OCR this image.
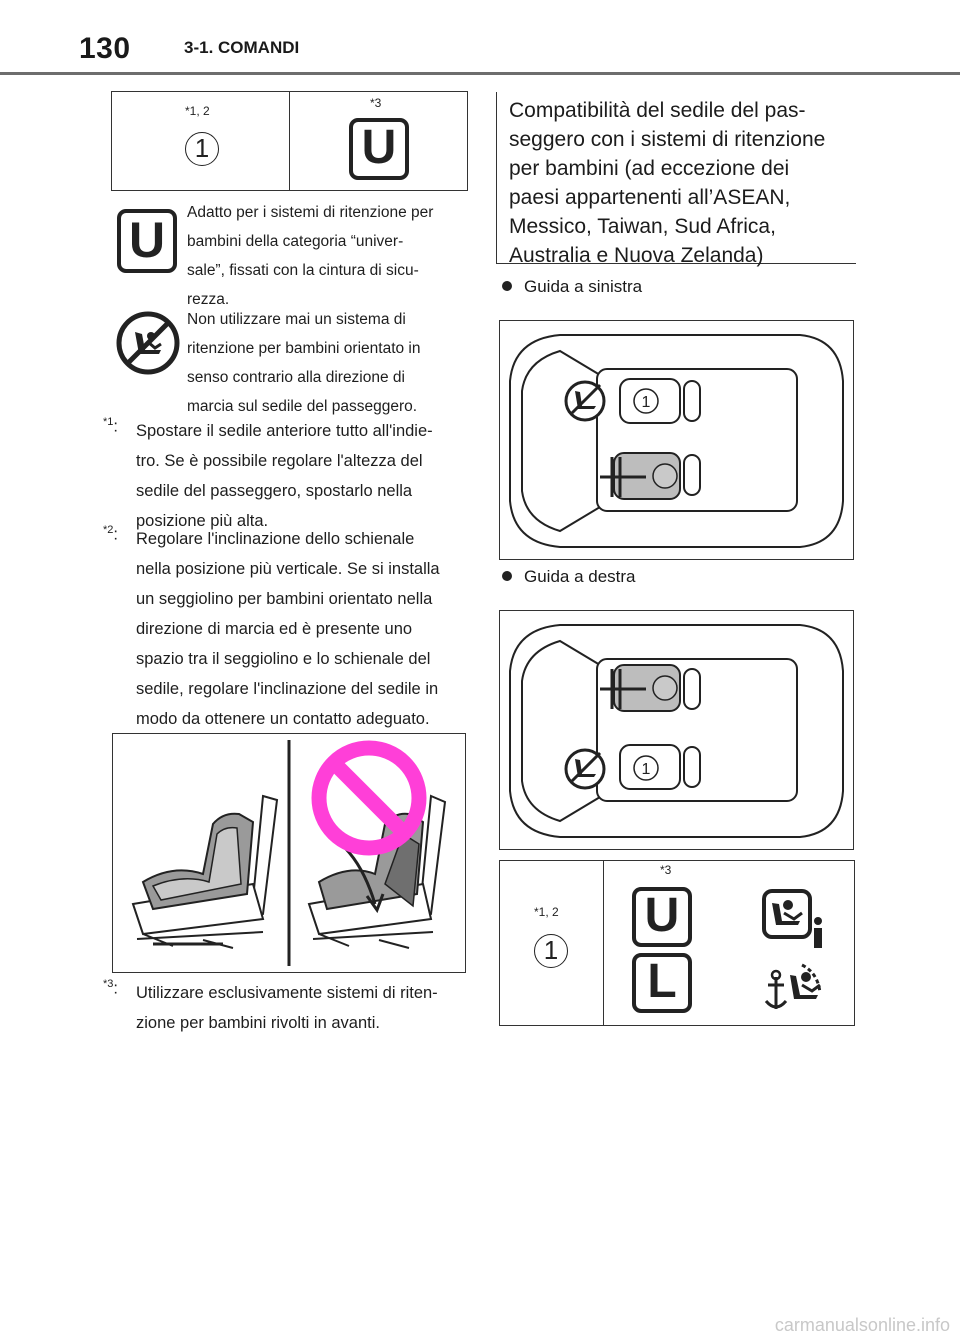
130	3-1. COMANDI
*1, 2
1
*3
U
U	Adatto per i sistemi di ritenzione per
bambini della categoria “univer-
sale”, fissati con la cintura di sicu-
rezza.
Non utilizzare mai un sistema di
ritenzione per bambini orientato in
senso contrario alla direzione di
marcia sul sedile del passeggero.
$^{*1}$: Spostare il sedile anteriore tutto all'indie-
tro. Se è possibile regolare l'altezza del
sedile del passeggero, spostarlo nella
posizione più alta.
$^{*2}$: Regolare l'inclinazione dello schienale
nella posizione più verticale. Se si installa
un seggiolino per bambini orientato nella
direzione di marcia ed è presente uno
spazio tra il seggiolino e lo schienale del
sedile, regolare l'inclinazione del sedile in
modo da ottenere un contatto adeguato.
$^{*3}$: Utilizzare esclusivamente sistemi di riten-
zione per bambini rivolti in avanti.
Compatibilità del sedile del pas-
seggero con i sistemi di ritenzione
per bambini (ad eccezione dei
paesi appartenenti all’ASEAN,
Messico, Taiwan, Sud Africa,
Australia e Nuova Zelanda)
Guida a sinistra
1
Guida a destra
1
*1, 2
1
*3
U
L
carmanualsonline.info
